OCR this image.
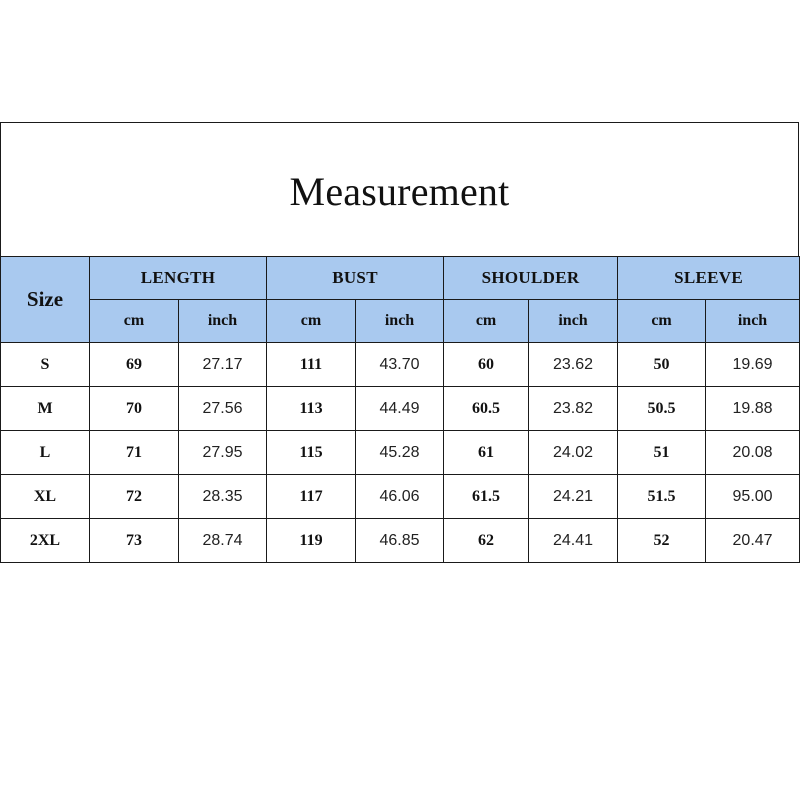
Measurement
Size	LENGTH		BUST		SHOULDER		SLEEVE	
	cm	inch	cm	inch	cm	inch	cm	inch
S	69	27.17	111	43.70	60	23.62	50	19.69
M	70	27.56	113	44.49	60.5	23.82	50.5	19.88
L	71	27.95	115	45.28	61	24.02	51	20.08
XL	72	28.35	117	46.06	61.5	24.21	51.5	95.00
2XL	73	28.74	119	46.85	62	24.41	52	20.47
